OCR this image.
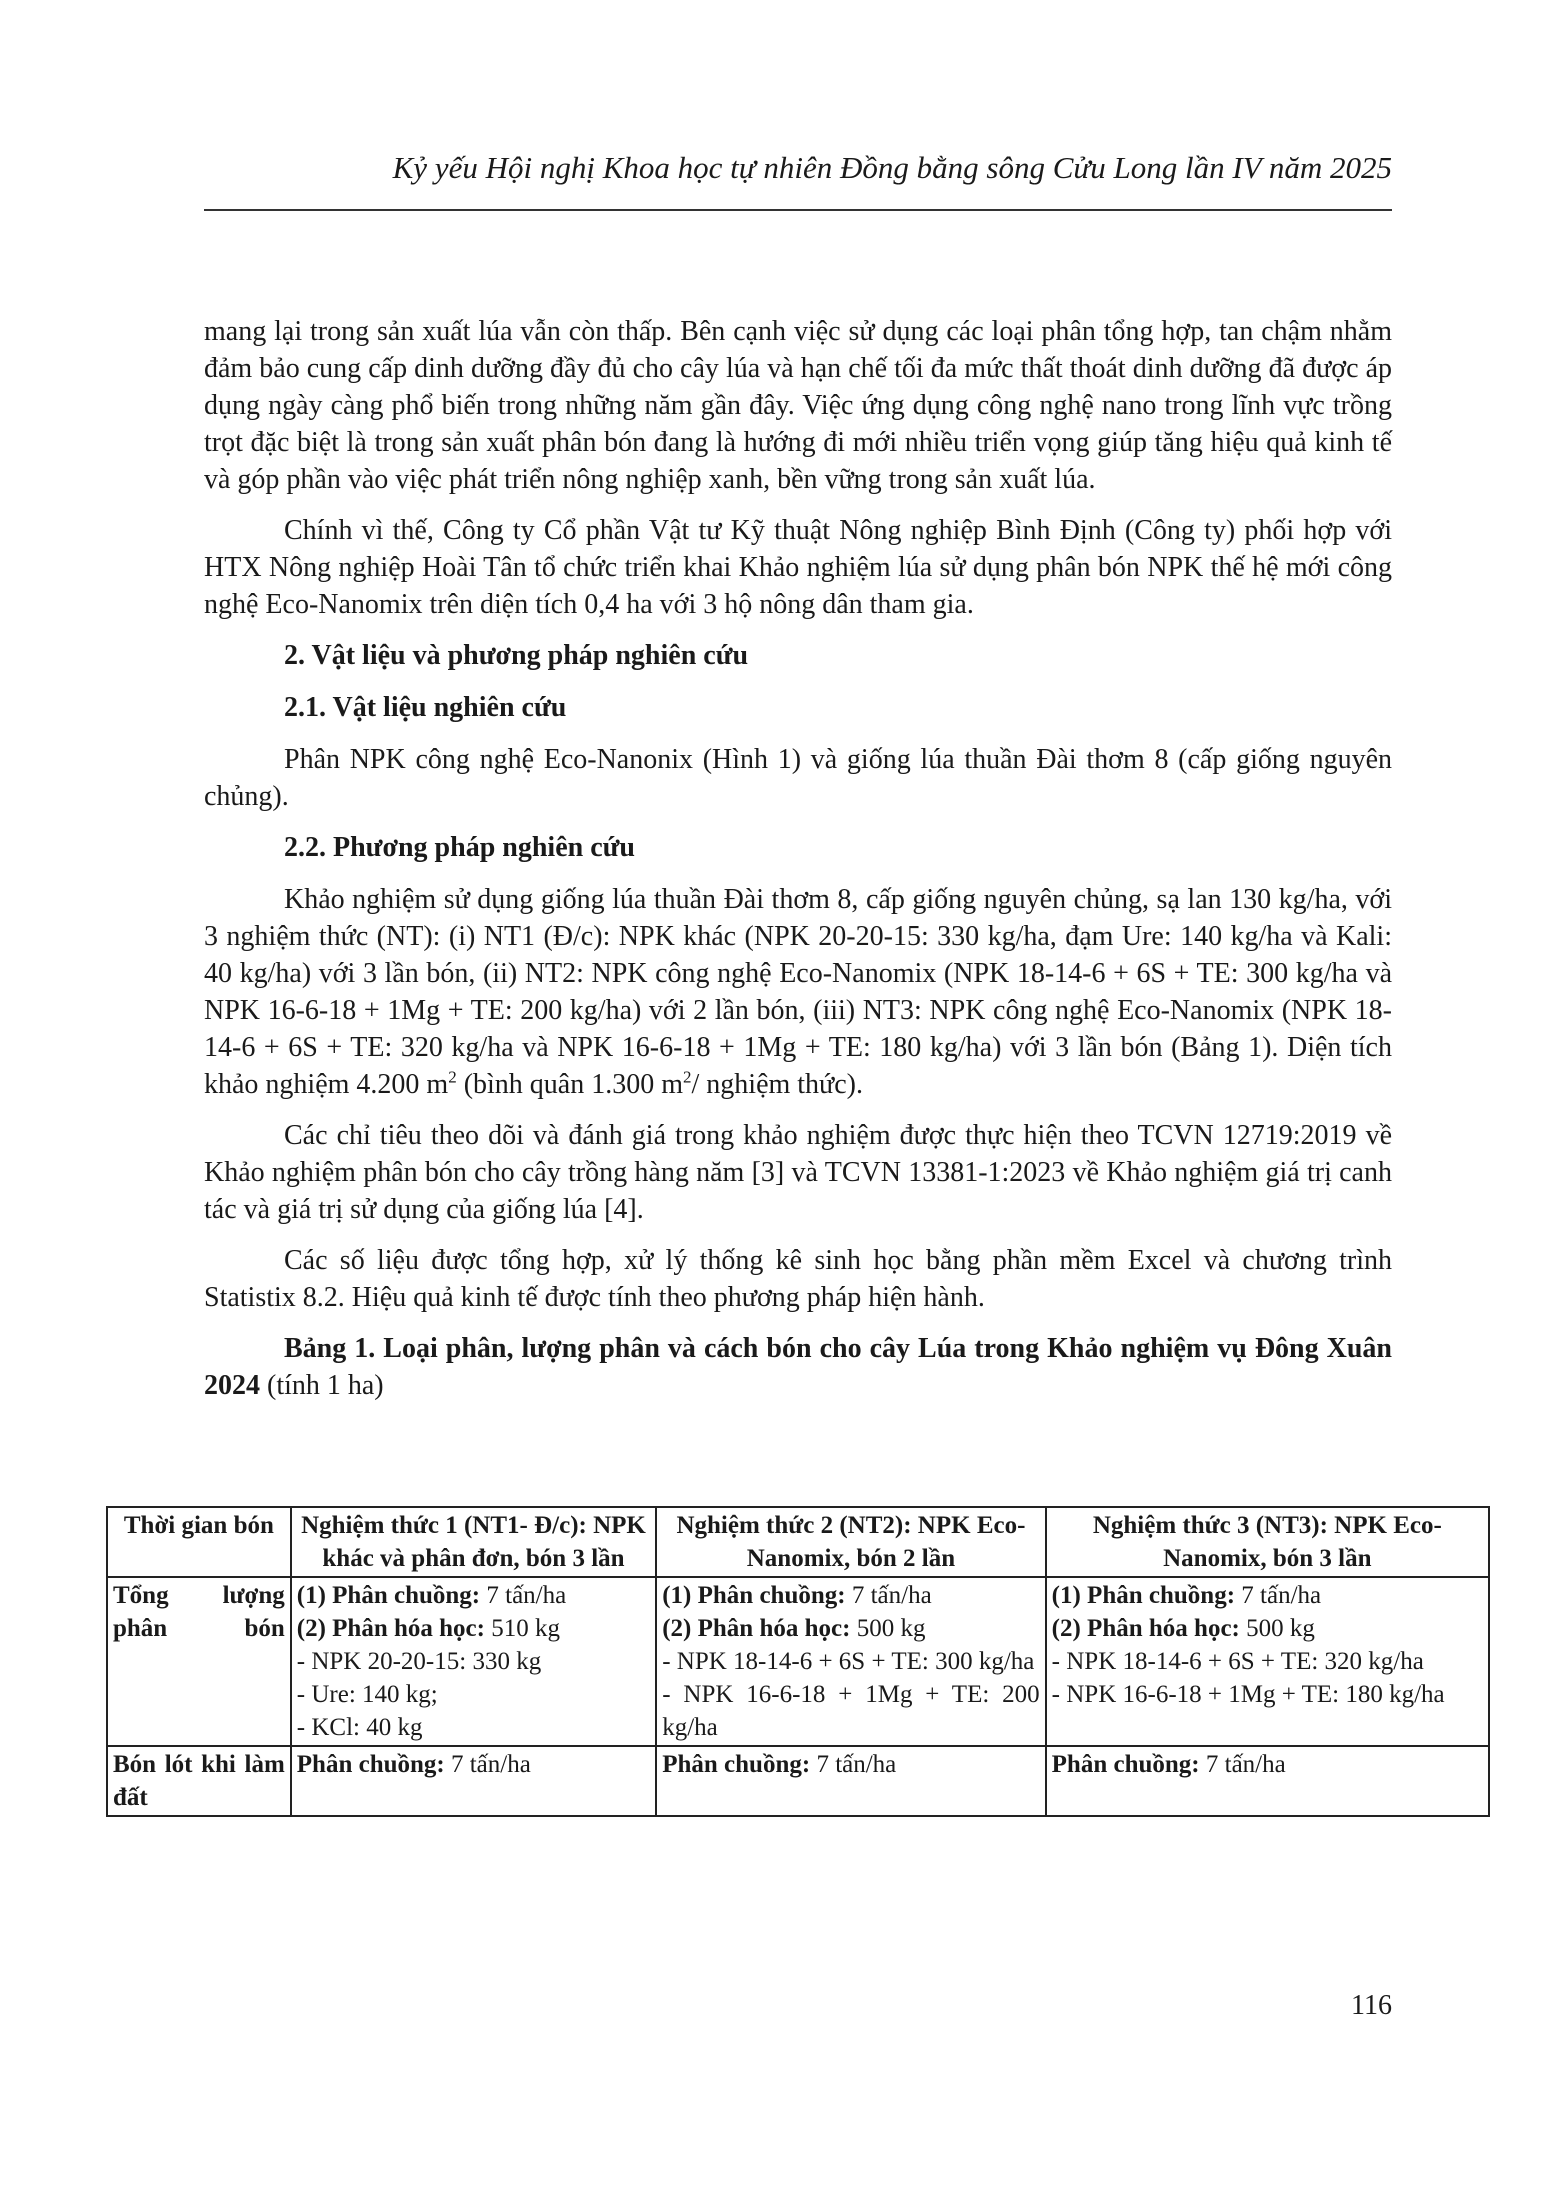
Kỷ yếu Hội nghị Khoa học tự nhiên Đồng bằng sông Cửu Long lần IV năm 2025

mang lại trong sản xuất lúa vẫn còn thấp. Bên cạnh việc sử dụng các loại phân tổng hợp, tan chậm nhằm đảm bảo cung cấp dinh dưỡng đầy đủ cho cây lúa và hạn chế tối đa mức thất thoát dinh dưỡng đã được áp dụng ngày càng phổ biến trong những năm gần đây. Việc ứng dụng công nghệ nano trong lĩnh vực trồng trọt đặc biệt là trong sản xuất phân bón đang là hướng đi mới nhiều triển vọng giúp tăng hiệu quả kinh tế và góp phần vào việc phát triển nông nghiệp xanh, bền vững trong sản xuất lúa.

Chính vì thế, Công ty Cổ phần Vật tư Kỹ thuật Nông nghiệp Bình Định (Công ty) phối hợp với HTX Nông nghiệp Hoài Tân tổ chức triển khai Khảo nghiệm lúa sử dụng phân bón NPK thế hệ mới công nghệ Eco-Nanomix trên diện tích 0,4 ha với 3 hộ nông dân tham gia.

2. Vật liệu và phương pháp nghiên cứu
2.1. Vật liệu nghiên cứu

Phân NPK công nghệ Eco-Nanonix (Hình 1) và giống lúa thuần Đài thơm 8 (cấp giống nguyên chủng).

2.2. Phương pháp nghiên cứu

Khảo nghiệm sử dụng giống lúa thuần Đài thơm 8, cấp giống nguyên chủng, sạ lan 130 kg/ha, với 3 nghiệm thức (NT): (i) NT1 (Đ/c): NPK khác (NPK 20-20-15: 330 kg/ha, đạm Ure: 140 kg/ha và Kali: 40 kg/ha) với 3 lần bón, (ii) NT2: NPK công nghệ Eco-Nanomix (NPK 18-14-6 + 6S + TE: 300 kg/ha và NPK 16-6-18 + 1Mg + TE: 200 kg/ha) với 2 lần bón, (iii) NT3: NPK công nghệ Eco-Nanomix (NPK 18-14-6 + 6S + TE: 320 kg/ha và NPK 16-6-18 + 1Mg + TE: 180 kg/ha) với 3 lần bón (Bảng 1). Diện tích khảo nghiệm 4.200 $m^2$ (bình quân 1.300 $m^2/$ nghiệm thức).

Các chỉ tiêu theo dõi và đánh giá trong khảo nghiệm được thực hiện theo TCVN 12719:2019 về Khảo nghiệm phân bón cho cây trồng hàng năm [3] và TCVN 13381-1:2023 về Khảo nghiệm giá trị canh tác và giá trị sử dụng của giống lúa [4].

Các số liệu được tổng hợp, xử lý thống kê sinh học bằng phần mềm Excel và chương trình Statistix 8.2. Hiệu quả kinh tế được tính theo phương pháp hiện hành.

Bảng 1. Loại phân, lượng phân và cách bón cho cây Lúa trong Khảo nghiệm vụ Đông Xuân 2024 (tính 1 ha)

Thời gian bón	Nghiệm thức 1 (NT1- Đ/c): NPK khác và phân đơn, bón 3 lần	Nghiệm thức 2 (NT2): NPK Eco-Nanomix, bón 2 lần	Nghiệm thức 3 (NT3): NPK Eco-Nanomix, bón 3 lần
Tổng lượng phân bón	(1) Phân chuồng: 7 tấn/ha
(2) Phân hóa học: 510 kg
- NPK 20-20-15: 330 kg
- Ure: 140 kg;
- KCl: 40 kg	(1) Phân chuồng: 7 tấn/ha
(2) Phân hóa học: 500 kg
- NPK 18-14-6 + 6S + TE: 300 kg/ha
- NPK 16-6-18 + 1Mg + TE: 200 kg/ha	(1) Phân chuồng: 7 tấn/ha
(2) Phân hóa học: 500 kg
- NPK 18-14-6 + 6S + TE: 320 kg/ha
- NPK 16-6-18 + 1Mg + TE: 180 kg/ha

Bón lót khi làm đất	Phân chuồng: 7 tấn/ha	Phân chuồng: 7 tấn/ha	Phân chuồng: 7 tấn/ha
116
